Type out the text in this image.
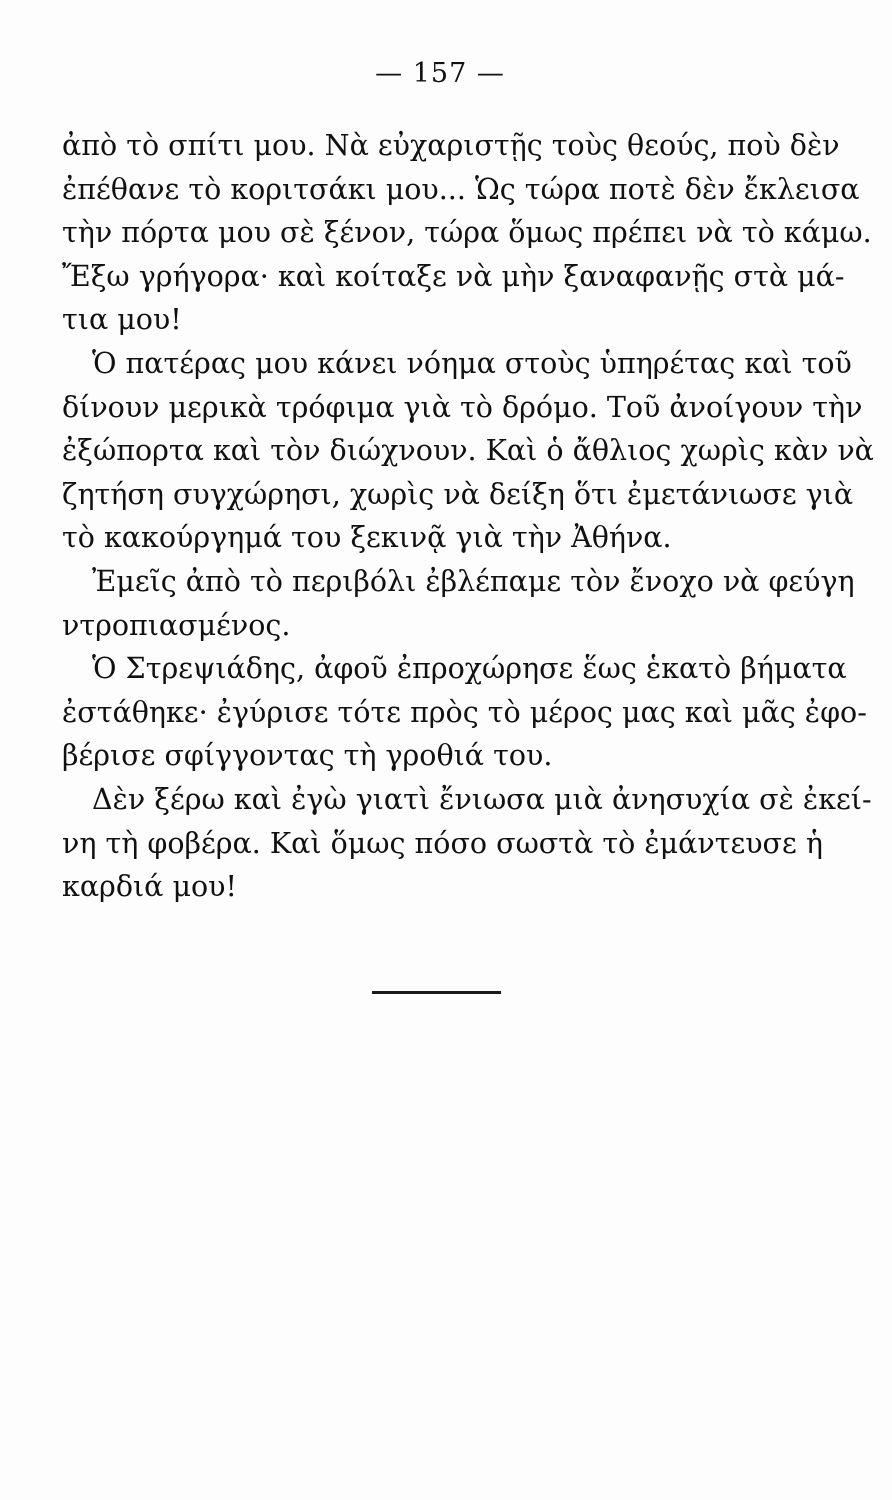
— 157 —
ἀπὸ τὸ σπίτι μου. Νὰ εὐχαριστῇς τοὺς θεούς, ποὺ δὲν
ἐπέθανε τὸ κοριτσάκι μου... Ὡς τώρα ποτὲ δὲν ἔκλεισα
τὴν πόρτα μου σὲ ξένον, τώρα ὅμως πρέπει νὰ τὸ κάμω.
Ἔξω γρήγορα· καὶ κοίταξε νὰ μὴν ξαναφανῇς στὰ μά-
τια μου!
Ὁ πατέρας μου κάνει νόημα στοὺς ὑπηρέτας καὶ τοῦ
δίνουν μερικὰ τρόφιμα γιὰ τὸ δρόμο. Τοῦ ἀνοίγουν τὴν
ἐξώπορτα καὶ τὸν διώχνουν. Καὶ ὁ ἄθλιος χωρὶς κὰν νὰ
ζητήση συγχώρησι, χωρὶς νὰ δείξη ὅτι ἐμετάνιωσε γιὰ
τὸ κακούργημά του ξεκινᾷ γιὰ τὴν Ἀθήνα.
Ἐμεῖς ἀπὸ τὸ περιβόλι ἐβλέπαμε τὸν ἔνοχο νὰ φεύγη
ντροπιασμένος.
Ὁ Στρεψιάδης, ἀφοῦ ἐπροχώρησε ἕως ἑκατὸ βήματα
ἐστάθηκε· ἐγύρισε τότε πρὸς τὸ μέρος μας καὶ μᾶς ἐφο-
βέρισε σφίγγοντας τὴ γροθιά του.
Δὲν ξέρω καὶ ἐγὼ γιατὶ ἔνιωσα μιὰ ἀνησυχία σὲ ἐκεί-
νη τὴ φοβέρα. Καὶ ὅμως πόσο σωστὰ τὸ ἐμάντευσε ἡ
καρδιά μου!
